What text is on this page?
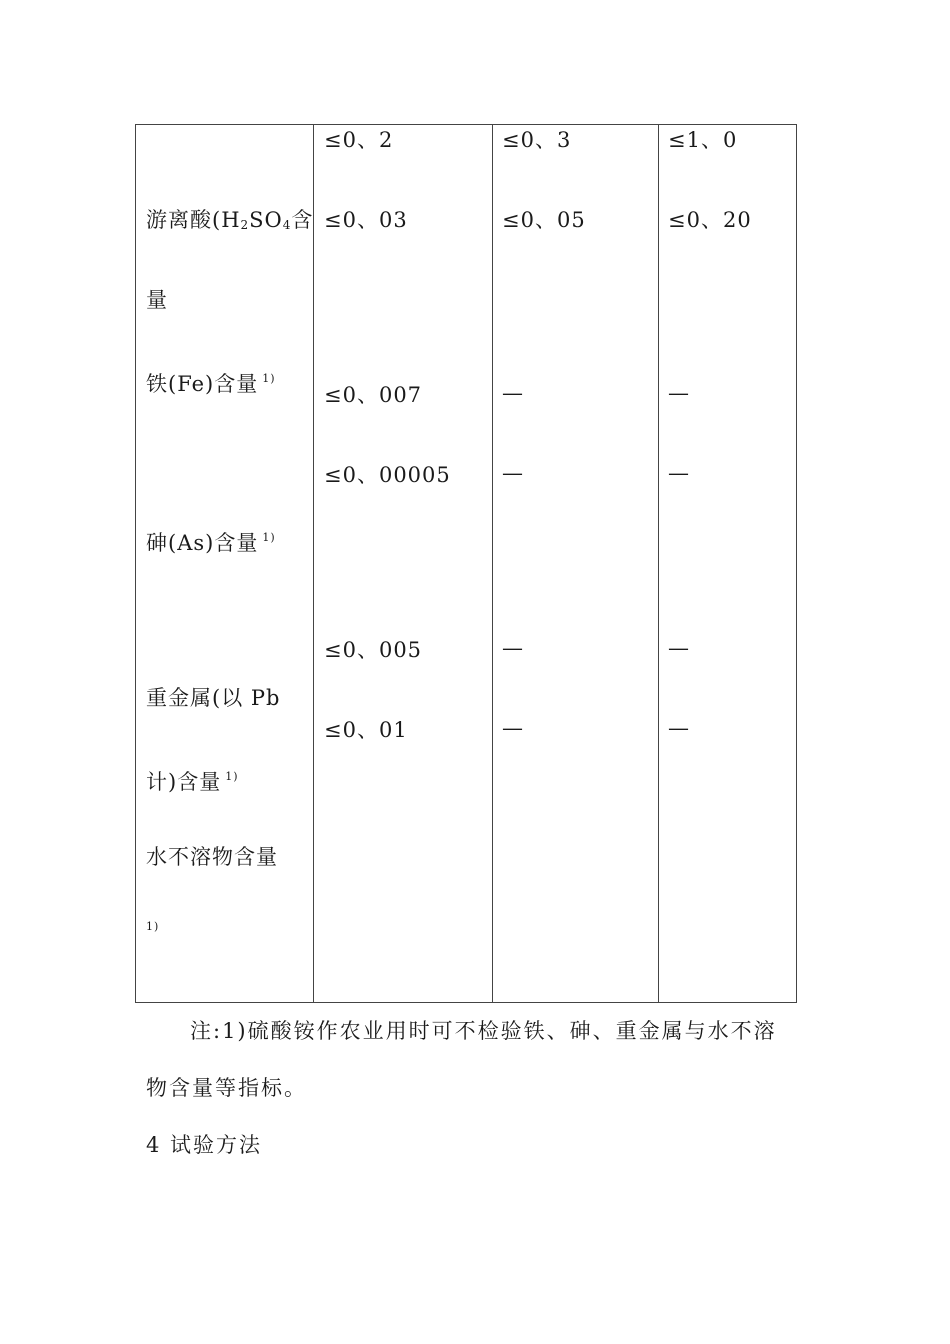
游离酸(H2SO4含
量
铁(Fe)含量 $^{1)}$
砷(As)含量 $^{1)}$
重金属(以 Pb
计)含量 $^{1)}$
水不溶物含量
1)
≤0、2
≤0、03
≤0、007
≤0、00005
≤0、005
≤0、01
≤0、3
≤0、05
—
—
—
—
≤1、0
≤0、20
—
—
—
—
注:1)硫酸铵作农业用时可不检验铁、砷、重金属与水不溶
物含量等指标。
4 试验方法
